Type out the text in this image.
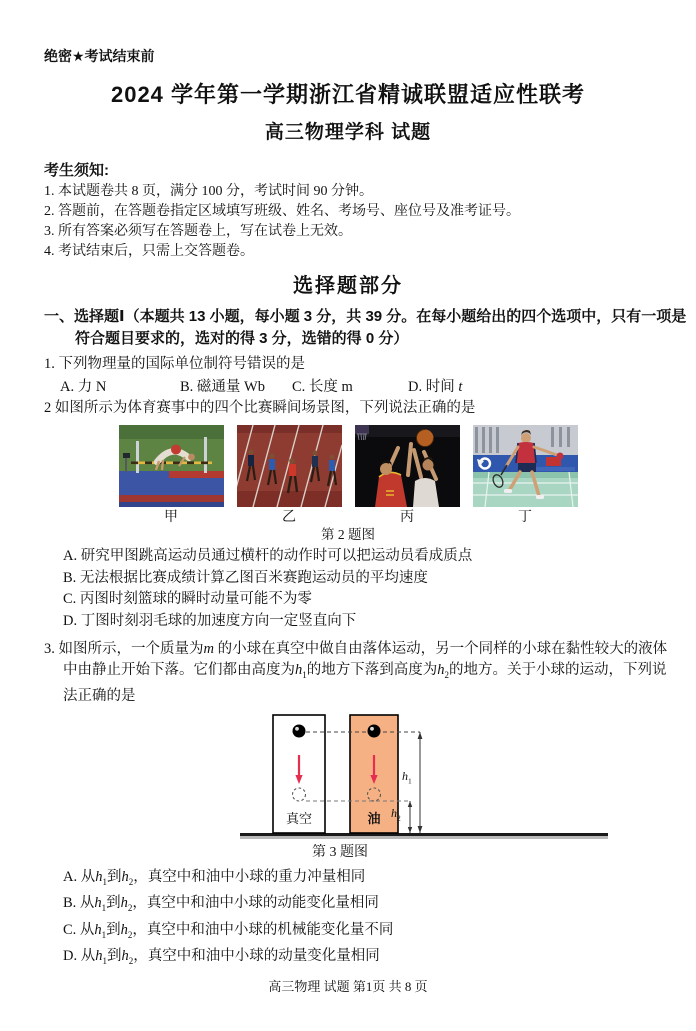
绝密★考试结束前
2024 学年第一学期浙江省精诚联盟适应性联考
高三物理学科 试题
考生须知:
1. 本试题卷共 8 页，满分 100 分，考试时间 90 分钟。
2. 答题前，在答题卷指定区域填写班级、姓名、考场号、座位号及准考证号。
3. 所有答案必须写在答题卷上，写在试卷上无效。
4. 考试结束后，只需上交答题卷。
选择题部分
一、选择题Ⅰ（本题共 13 小题，每小题 3 分，共 39 分。在每小题给出的四个选项中，只有一项是
符合题目要求的，选对的得 3 分，选错的得 0 分）
1. 下列物理量的国际单位制符号错误的是
A. 力 N	B. 磁通量 Wb	C. 长度 m	D. 时间 t
2 如图所示为体育赛事中的四个比赛瞬间场景图，下列说法正确的是
甲	乙	丙	丁
第 2 题图
A. 研究甲图跳高运动员通过横杆的动作时可以把运动员看成质点
B. 无法根据比赛成绩计算乙图百米赛跑运动员的平均速度
C. 丙图时刻篮球的瞬时动量可能不为零
D. 丁图时刻羽毛球的加速度方向一定竖直向下
3. 如图所示，一个质量为m 的小球在真空中做自由落体运动，另一个同样的小球在黏性较大的液体
中由静止开始下落。它们都由高度为$h_1$的地方下落到高度为$h_2$的地方。关于小球的运动，下列说
法正确的是
真空	油
$h_1$
$h_2$
第 3 题图
A. 从$h_1$到$h_2$，真空中和油中小球的重力冲量相同
B. 从$h_1$到$h_2$，真空中和油中小球的动能变化量相同
C. 从$h_1$到$h_2$，真空中和油中小球的机械能变化量不同
D. 从$h_1$到$h_2$，真空中和油中小球的动量变化量相同
高三物理 试题 第1页 共 8 页
